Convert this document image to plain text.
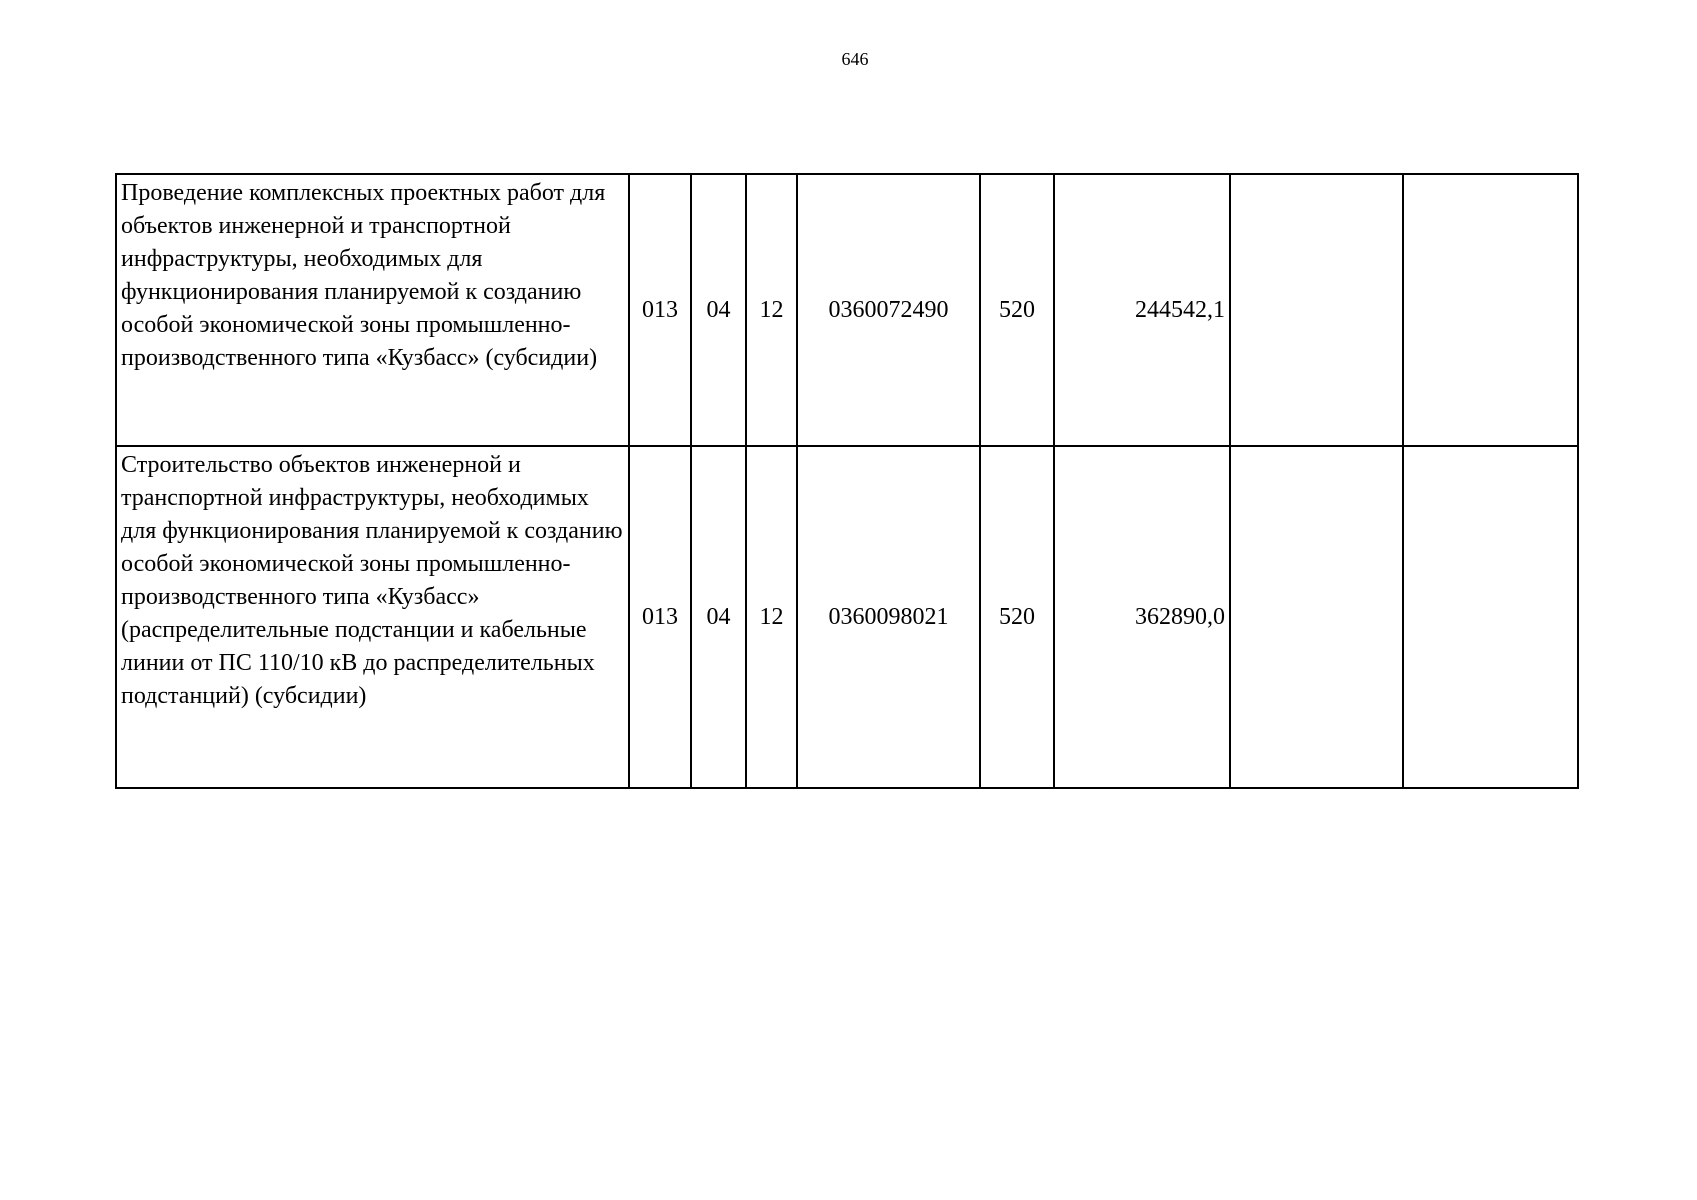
646
Проведение комплексных проектных работ для объектов инженерной и транспортной инфраструктуры, необходимых для функционирования планируемой к созданию особой экономической зоны промышленно-производственного типа «Кузбасс» (субсидии)	013	04	12	0360072490	520	244542,1		
Строительство объектов инженерной и транспортной инфраструктуры, необходимых для функционирования планируемой к созданию особой экономической зоны промышленно-производственного типа «Кузбасс» (распределительные подстанции и кабельные линии от ПС 110/10 кВ до распределительных подстанций) (субсидии)	013	04	12	0360098021	520	362890,0		
